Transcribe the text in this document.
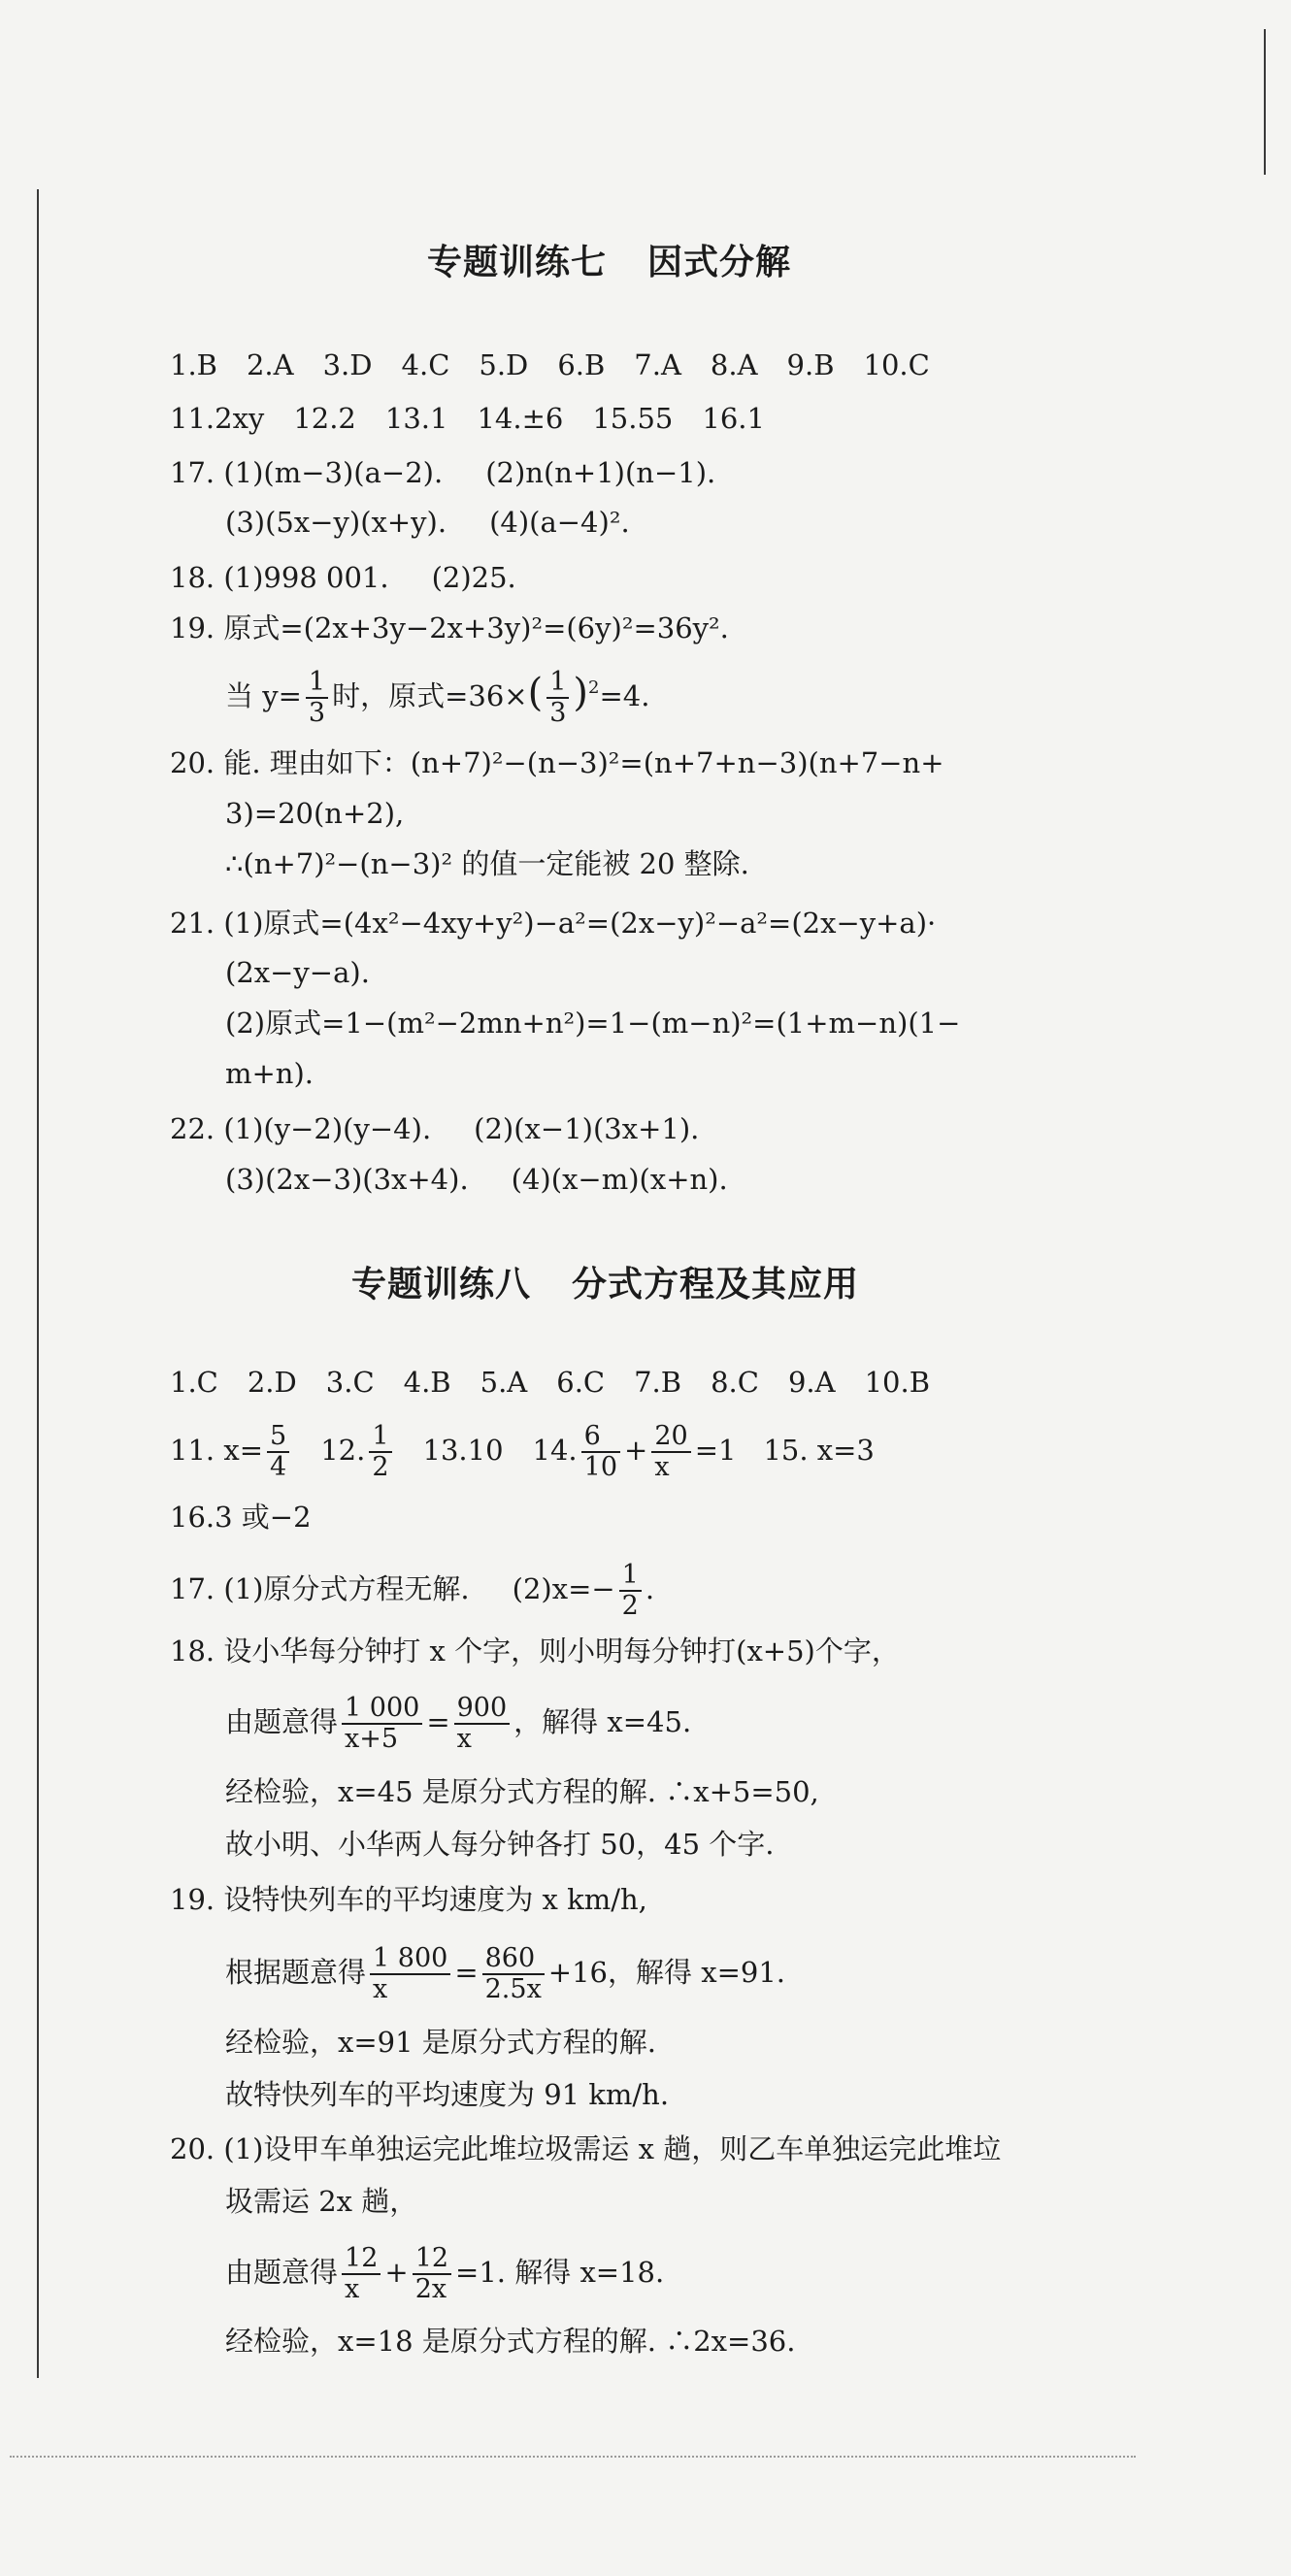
专题训练七 因式分解
1.B 2.A 3.D 4.C 5.D 6.B 7.A 8.A 9.B 10.C
11.2xy 12.2 13.1 14.±6 15.55 16.1
17. (1)(m−3)(a−2). (2)n(n+1)(n−1).
(3)(5x−y)(x+y). (4)(a−4)².
18. (1)998 001. (2)25.
19. 原式=(2x+3y−2x+3y)²=(6y)²=36y².
当 $y= \frac{1}{3}$ 时，原式$=36\times( \frac{1}{3} )^2=4$.
20. 能. 理由如下：(n+7)²−(n−3)²=(n+7+n−3)(n+7−n+
3)=20(n+2),
∴(n+7)²−(n−3)² 的值一定能被 20 整除.
21. (1)原式=(4x²−4xy+y²)−a²=(2x−y)²−a²=(2x−y+a)·
(2x−y−a).
(2)原式=1−(m²−2mn+n²)=1−(m−n)²=(1+m−n)(1−
m+n).
22. (1)(y−2)(y−4). (2)(x−1)(3x+1).
(3)(2x−3)(3x+4). (4)(x−m)(x+n).
专题训练八 分式方程及其应用
1.C 2.D 3.C 4.B 5.A 6.C 7.B 8.C 9.A 10.B
11. $x= \frac{5}{4} 12$. $\frac{1}{2} 13.10$ 14. $\frac{6}{10} + \frac{20}{x} =1$ 15. x=3
16.3 或−2
17. (1)原分式方程无解. $(2)x=- \frac{1}{2}$ .
18. 设小华每分钟打 x 个字，则小明每分钟打(x+5)个字，
由题意得 $\frac{1 000}{x+5} = \frac{900}{x}$ ，解得 x=45.
经检验，x=45 是原分式方程的解. ∴x+5=50,
故小明、小华两人每分钟各打 50，45 个字.
19. 设特快列车的平均速度为 x km/h,
根据题意得 $\frac{1 800}{x} = \frac{860}{2.5x} +16$，解得 x=91.
经检验，x=91 是原分式方程的解.
故特快列车的平均速度为 91 km/h.
20. (1)设甲车单独运完此堆垃圾需运 x 趟，则乙车单独运完此堆垃
圾需运 2x 趟，
由题意得 $\frac{12}{x} + \frac{12}{2x} =1$. 解得 x=18.
经检验，x=18 是原分式方程的解. ∴2x=36.
